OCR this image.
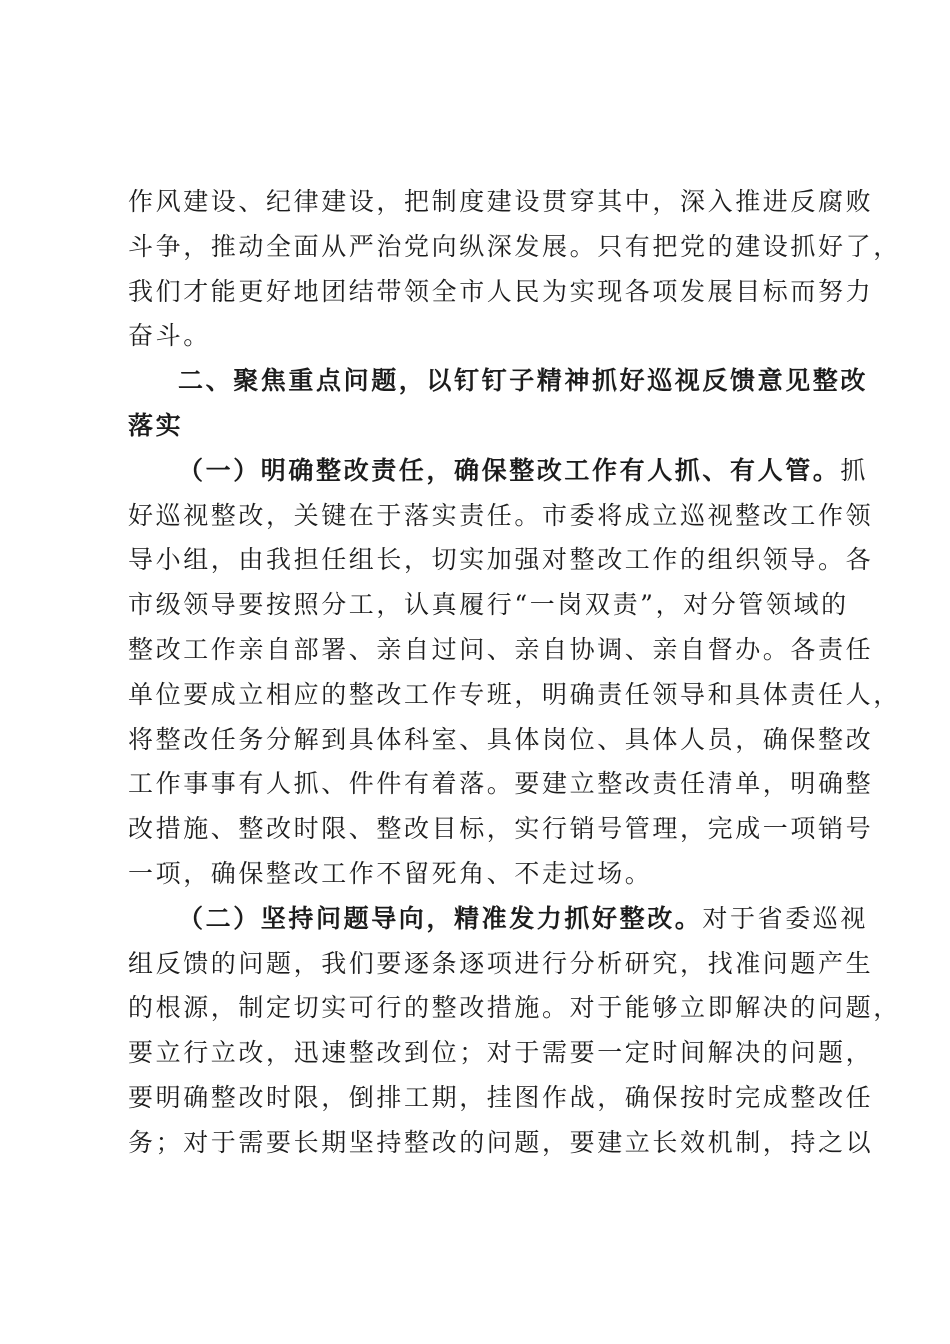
作风建设、纪律建设，把制度建设贯穿其中，深入推进反腐败
斗争，推动全面从严治党向纵深发展。只有把党的建设抓好了，
我们才能更好地团结带领全市人民为实现各项发展目标而努力
奋斗。
二、聚焦重点问题，以钉钉子精神抓好巡视反馈意见整改
落实
（一）明确整改责任，确保整改工作有人抓、有人管。抓
好巡视整改，关键在于落实责任。市委将成立巡视整改工作领
导小组，由我担任组长，切实加强对整改工作的组织领导。各
市级领导要按照分工，认真履行“一岗双责”，对分管领域的
整改工作亲自部署、亲自过问、亲自协调、亲自督办。各责任
单位要成立相应的整改工作专班，明确责任领导和具体责任人，
将整改任务分解到具体科室、具体岗位、具体人员，确保整改
工作事事有人抓、件件有着落。要建立整改责任清单，明确整
改措施、整改时限、整改目标，实行销号管理，完成一项销号
一项，确保整改工作不留死角、不走过场。
（二）坚持问题导向，精准发力抓好整改。对于省委巡视
组反馈的问题，我们要逐条逐项进行分析研究，找准问题产生
的根源，制定切实可行的整改措施。对于能够立即解决的问题，
要立行立改，迅速整改到位；对于需要一定时间解决的问题，
要明确整改时限，倒排工期，挂图作战，确保按时完成整改任
务；对于需要长期坚持整改的问题，要建立长效机制，持之以
